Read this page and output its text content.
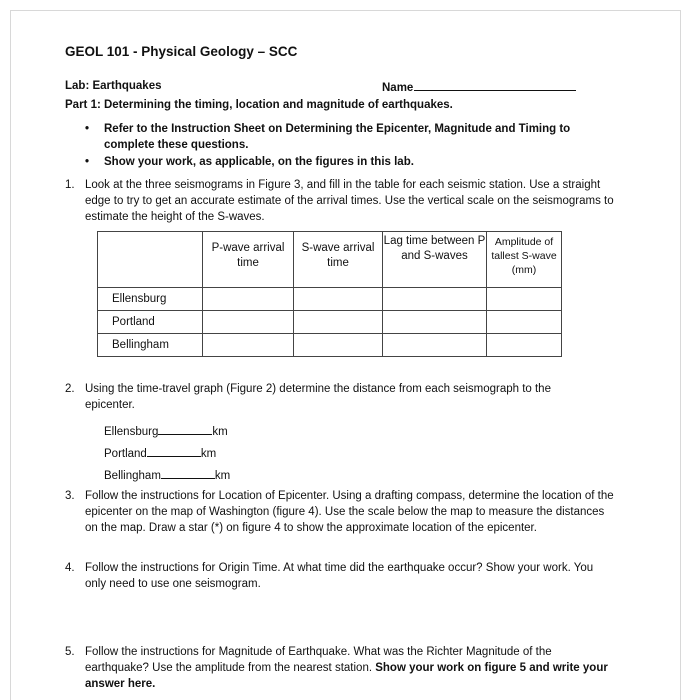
GEOL 101 - Physical Geology – SCC
Lab: Earthquakes	Name
Part 1: Determining the timing, location and magnitude of earthquakes.
• Refer to the Instruction Sheet on Determining the Epicenter, Magnitude and Timing to complete these questions.
• Show your work, as applicable, on the figures in this lab.
1. Look at the three seismograms in Figure 3, and fill in the table for each seismic station. Use a straight edge to try to get an accurate estimate of the arrival times. Use the vertical scale on the seismograms to estimate the height of the S-waves.
	P-wave arrival time	S-wave arrival time	Lag time between P and S-waves	Amplitude of tallest S-wave (mm)
Ellensburg				
Portland				
Bellingham				
2. Using the time-travel graph (Figure 2) determine the distance from each seismograph to the epicenter.
Ellensburg	km
Portland	km
Bellingham	km
3. Follow the instructions for Location of Epicenter. Using a drafting compass, determine the location of the epicenter on the map of Washington (figure 4). Use the scale below the map to measure the distances on the map. Draw a star (*) on figure 4 to show the approximate location of the epicenter.
4. Follow the instructions for Origin Time. At what time did the earthquake occur? Show your work. You only need to use one seismogram.
5. Follow the instructions for Magnitude of Earthquake. What was the Richter Magnitude of the earthquake? Use the amplitude from the nearest station. Show your work on figure 5 and write your answer here.
